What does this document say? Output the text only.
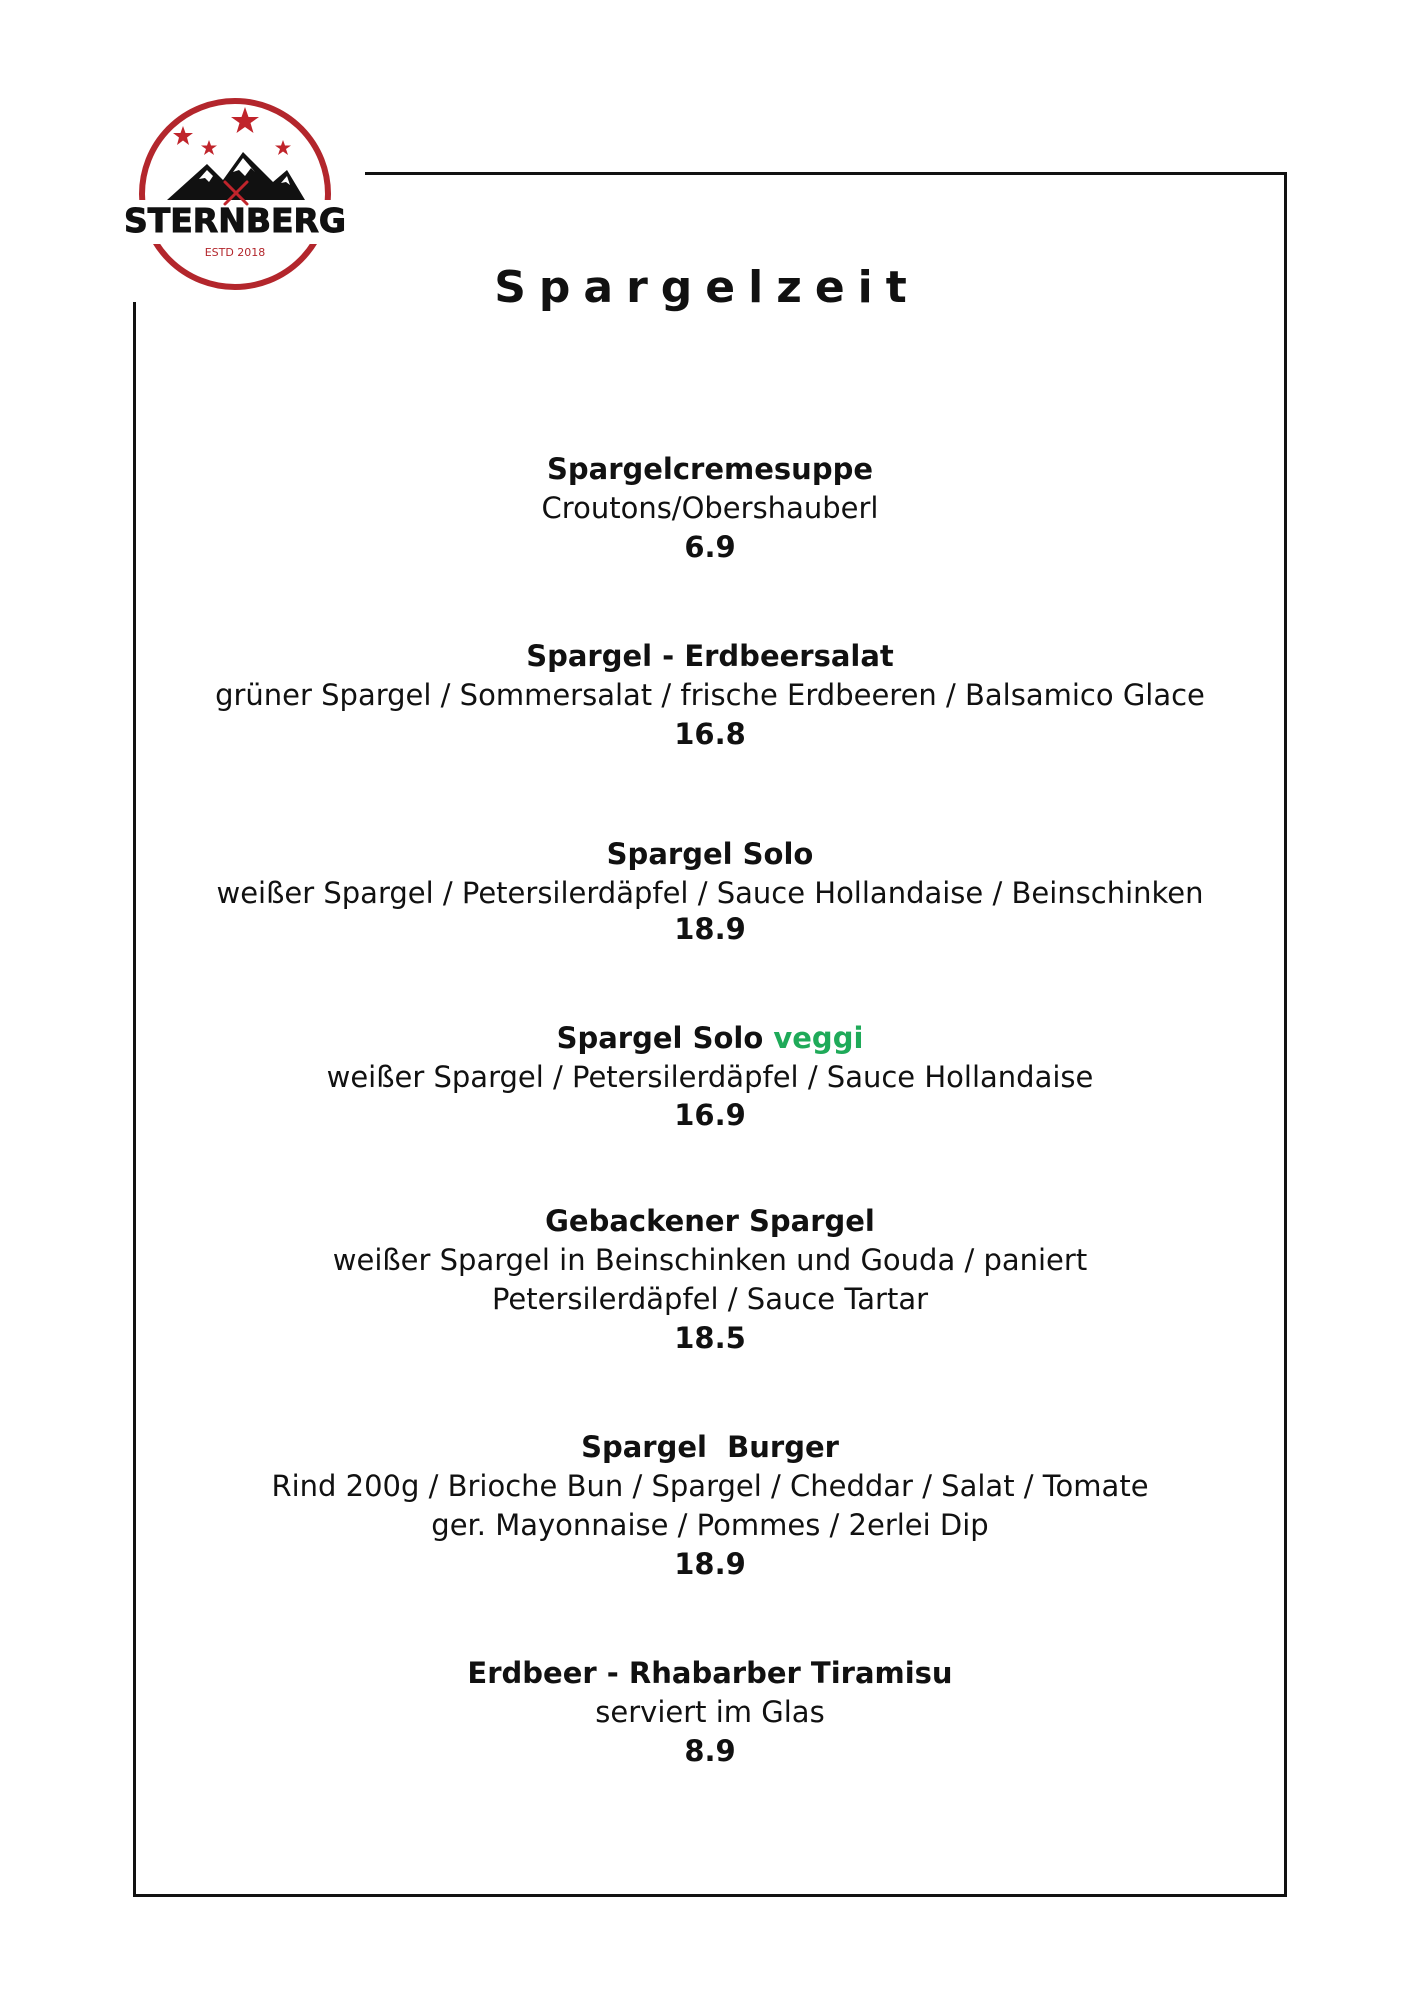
STERNBERG
ESTD 2018
Spargelzeit

Spargelcremesuppe

Croutons/Obershauberl

6.9

Spargel - Erdbeersalat

grüner Spargel / Sommersalat / frische Erdbeeren / Balsamico Glace

16.8

Spargel Solo

weißer Spargel / Petersilerdäpfel / Sauce Hollandaise / Beinschinken

18.9

Spargel Solo veggi

weißer Spargel / Petersilerdäpfel / Sauce Hollandaise

16.9

Gebackener Spargel

weißer Spargel in Beinschinken und Gouda / paniert

Petersilerdäpfel / Sauce Tartar

18.5

Spargel  Burger

Rind 200g / Brioche Bun / Spargel / Cheddar / Salat / Tomate

ger. Mayonnaise / Pommes / 2erlei Dip

18.9

Erdbeer - Rhabarber Tiramisu

serviert im Glas

8.9
